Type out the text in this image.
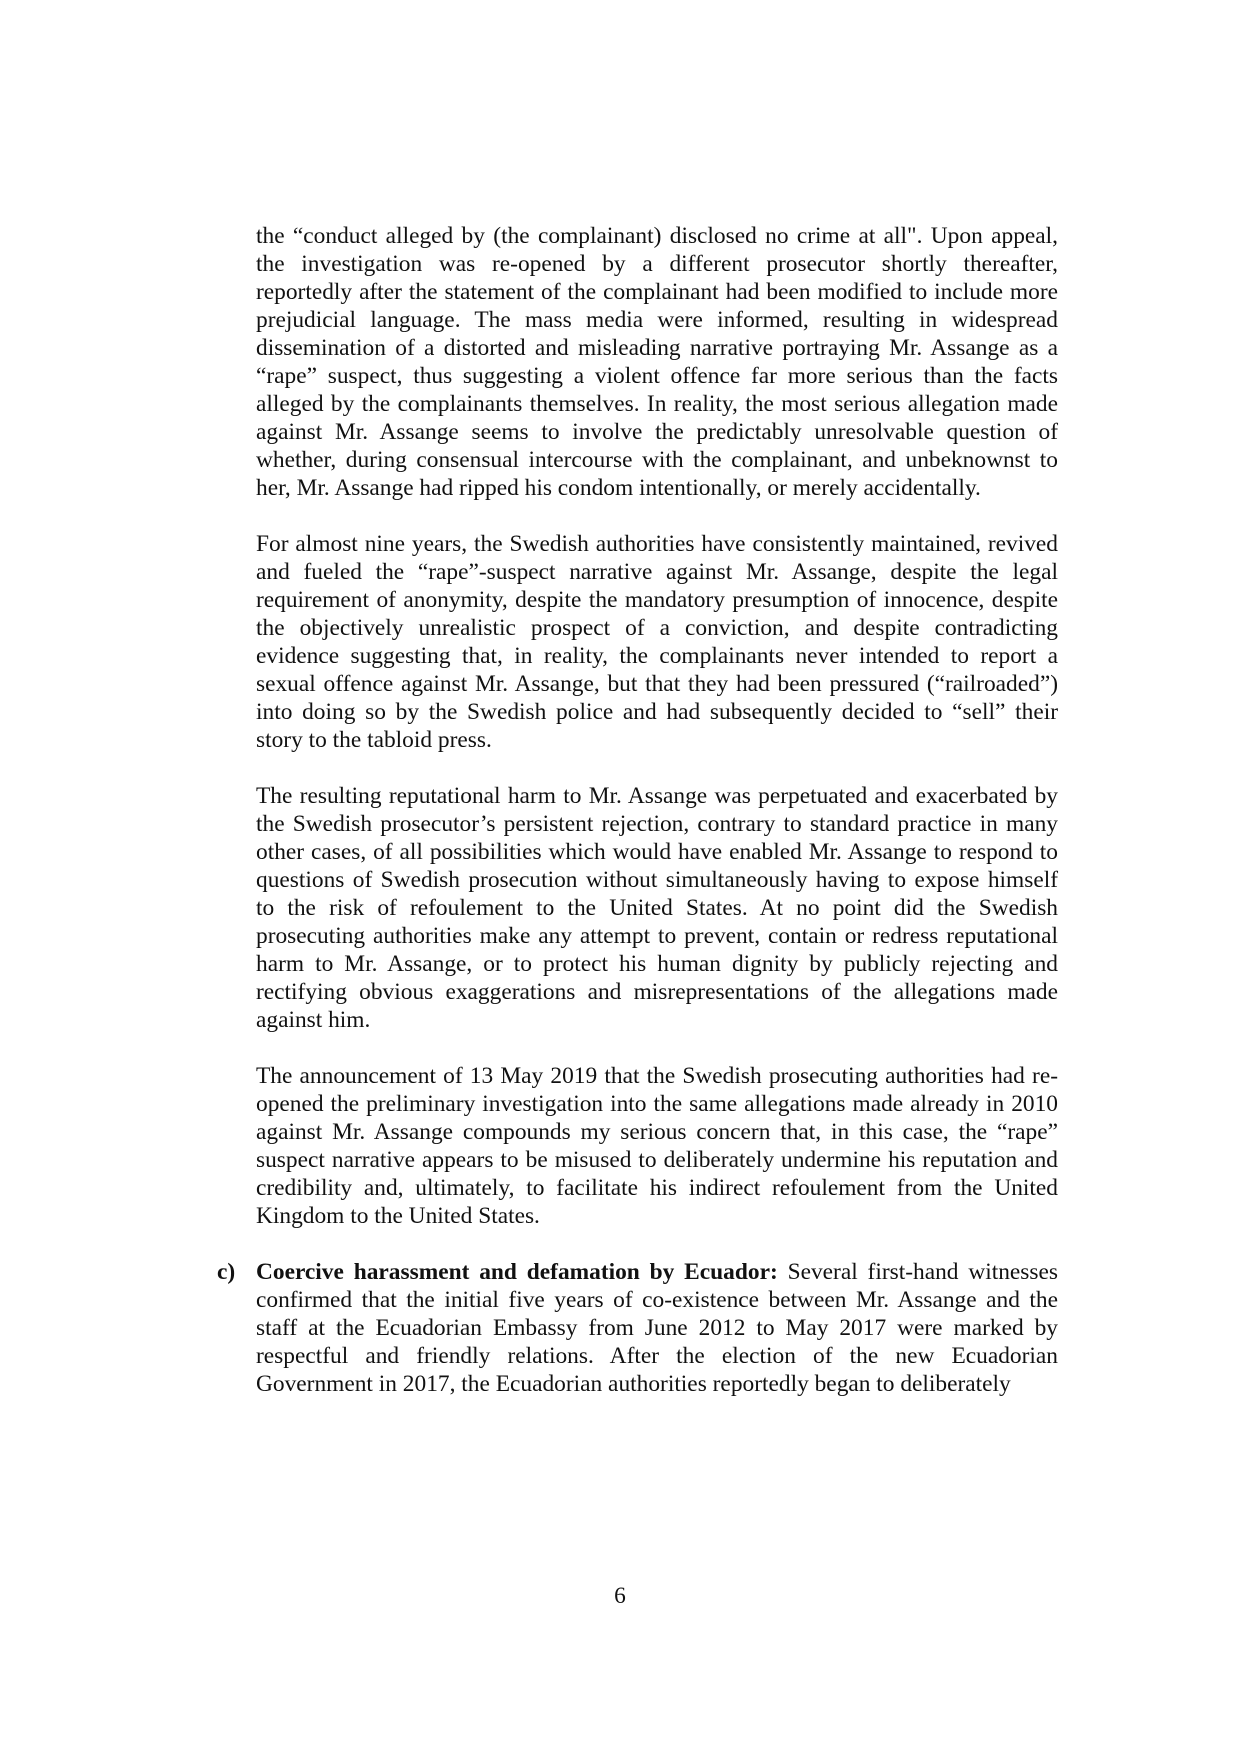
the “conduct alleged by (the complainant) disclosed no crime at all". Upon appeal, the investigation was re-opened by a different prosecutor shortly thereafter, reportedly after the statement of the complainant had been modified to include more prejudicial language. The mass media were informed, resulting in widespread dissemination of a distorted and misleading narrative portraying Mr. Assange as a “rape” suspect, thus suggesting a violent offence far more serious than the facts alleged by the complainants themselves. In reality, the most serious allegation made against Mr. Assange seems to involve the predictably unresolvable question of whether, during consensual intercourse with the complainant, and unbeknownst to her, Mr. Assange had ripped his condom intentionally, or merely accidentally.

For almost nine years, the Swedish authorities have consistently maintained, revived and fueled the “rape”-suspect narrative against Mr. Assange, despite the legal requirement of anonymity, despite the mandatory presumption of innocence, despite the objectively unrealistic prospect of a conviction, and despite contradicting evidence suggesting that, in reality, the complainants never intended to report a sexual offence against Mr. Assange, but that they had been pressured (“railroaded”) into doing so by the Swedish police and had subsequently decided to “sell” their story to the tabloid press.

The resulting reputational harm to Mr. Assange was perpetuated and exacerbated by the Swedish prosecutor’s persistent rejection, contrary to standard practice in many other cases, of all possibilities which would have enabled Mr. Assange to respond to questions of Swedish prosecution without simultaneously having to expose himself to the risk of refoulement to the United States. At no point did the Swedish prosecuting authorities make any attempt to prevent, contain or redress reputational harm to Mr. Assange, or to protect his human dignity by publicly rejecting and rectifying obvious exaggerations and misrepresentations of the allegations made against him.

The announcement of 13 May 2019 that the Swedish prosecuting authorities had re-opened the preliminary investigation into the same allegations made already in 2010 against Mr. Assange compounds my serious concern that, in this case, the “rape” suspect narrative appears to be misused to deliberately undermine his reputation and credibility and, ultimately, to facilitate his indirect refoulement from the United Kingdom to the United States.

c) Coercive harassment and defamation by Ecuador: Several first-hand witnesses confirmed that the initial five years of co-existence between Mr. Assange and the staff at the Ecuadorian Embassy from June 2012 to May 2017 were marked by respectful and friendly relations. After the election of the new Ecuadorian Government in 2017, the Ecuadorian authorities reportedly began to deliberately

6
